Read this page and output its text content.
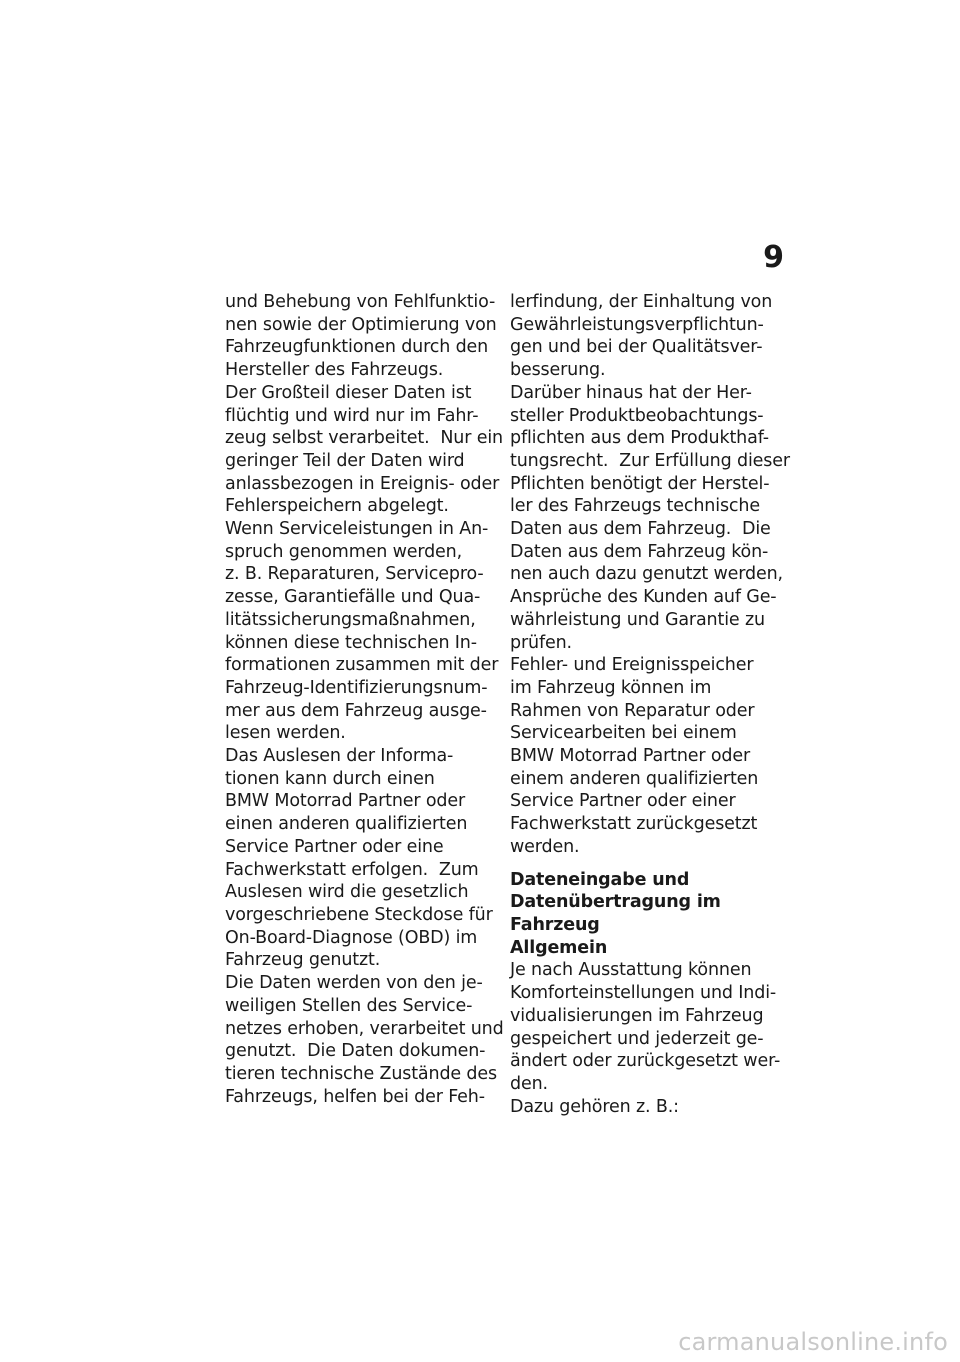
9
und Behebung von Fehlfunktio-
nen sowie der Optimierung von
Fahrzeugfunktionen durch den
Hersteller des Fahrzeugs.
Der Großteil dieser Daten ist
flüchtig und wird nur im Fahr-
zeug selbst verarbeitet.  Nur ein
geringer Teil der Daten wird
anlassbezogen in Ereignis- oder
Fehlerspeichern abgelegt.
Wenn Serviceleistungen in An-
spruch genommen werden,
z. B. Reparaturen, Servicepro-
zesse, Garantiefälle und Qua-
litätssicherungsmaßnahmen,
können diese technischen In-
formationen zusammen mit der
Fahrzeug-Identifizierungsnum-
mer aus dem Fahrzeug ausge-
lesen werden.
Das Auslesen der Informa-
tionen kann durch einen
BMW Motorrad Partner oder
einen anderen qualifizierten
Service Partner oder eine
Fachwerkstatt erfolgen.  Zum
Auslesen wird die gesetzlich
vorgeschriebene Steckdose für
On-Board-Diagnose (OBD) im
Fahrzeug genutzt.
Die Daten werden von den je-
weiligen Stellen des Service-
netzes erhoben, verarbeitet und
genutzt.  Die Daten dokumen-
tieren technische Zustände des
Fahrzeugs, helfen bei der Feh-
lerfindung, der Einhaltung von
Gewährleistungsverpflichtun-
gen und bei der Qualitätsver-
besserung.
Darüber hinaus hat der Her-
steller Produktbeobachtungs-
pflichten aus dem Produkthaf-
tungsrecht.  Zur Erfüllung dieser
Pflichten benötigt der Herstel-
ler des Fahrzeugs technische
Daten aus dem Fahrzeug.  Die
Daten aus dem Fahrzeug kön-
nen auch dazu genutzt werden,
Ansprüche des Kunden auf Ge-
währleistung und Garantie zu
prüfen.
Fehler- und Ereignisspeicher
im Fahrzeug können im
Rahmen von Reparatur oder
Servicearbeiten bei einem
BMW Motorrad Partner oder
einem anderen qualifizierten
Service Partner oder einer
Fachwerkstatt zurückgesetzt
werden.
Dateneingabe und
Datenübertragung im
Fahrzeug
Allgemein
Je nach Ausstattung können
Komforteinstellungen und Indi-
vidualisierungen im Fahrzeug
gespeichert und jederzeit ge-
ändert oder zurückgesetzt wer-
den.
Dazu gehören z. B.:
carmanualsonline.info
